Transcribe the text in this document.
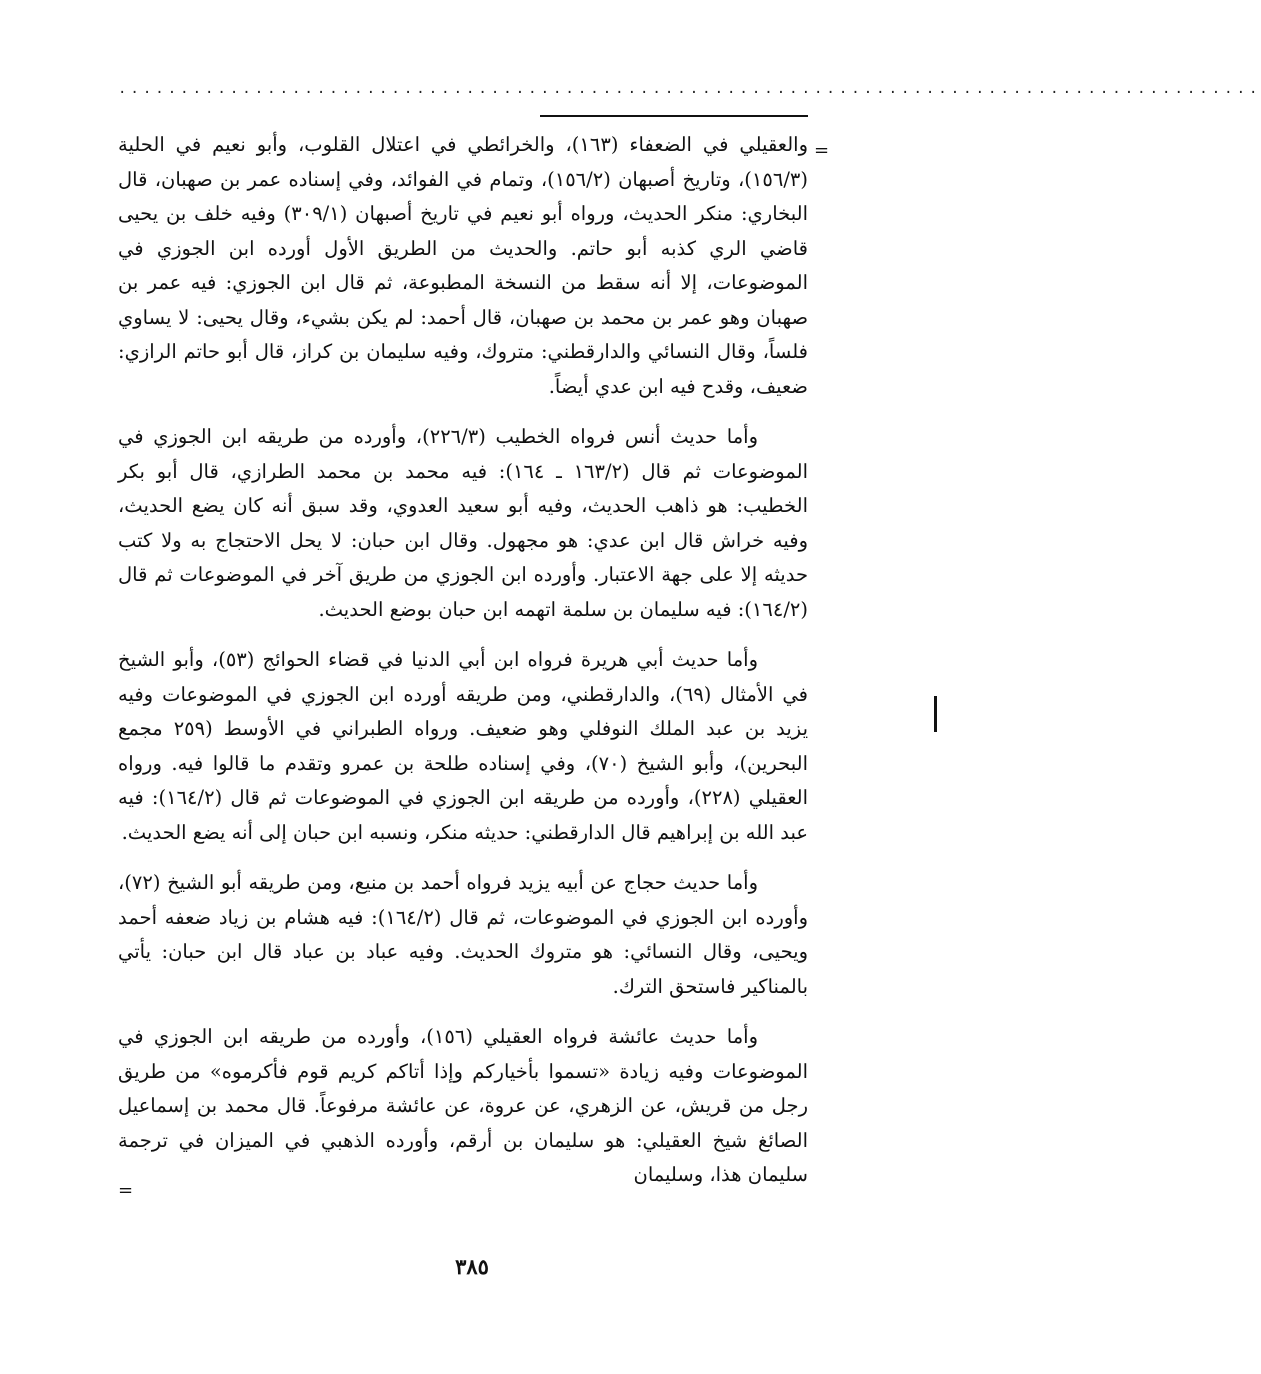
............................................................................................
=

والعقيلي في الضعفاء (١٦٣)، والخرائطي في اعتلال القلوب، وأبو نعيم في الحلية (١٥٦/٣)، وتاريخ أصبهان (١٥٦/٢)، وتمام في الفوائد، وفي إسناده عمر بن صهبان، قال البخاري: منكر الحديث، ورواه أبو نعيم في تاريخ أصبهان (٣٠٩/١) وفيه خلف بن يحيى قاضي الري كذبه أبو حاتم. والحديث من الطريق الأول أورده ابن الجوزي في الموضوعات، إلا أنه سقط من النسخة المطبوعة، ثم قال ابن الجوزي: فيه عمر بن صهبان وهو عمر بن محمد بن صهبان، قال أحمد: لم يكن بشيء، وقال يحيى: لا يساوي فلساً، وقال النسائي والدارقطني: متروك، وفيه سليمان بن كراز، قال أبو حاتم الرازي: ضعيف، وقدح فيه ابن عدي أيضاً.

وأما حديث أنس فرواه الخطيب (٢٢٦/٣)، وأورده من طريقه ابن الجوزي في الموضوعات ثم قال (١٦٣/٢ ـ ١٦٤): فيه محمد بن محمد الطرازي، قال أبو بكر الخطيب: هو ذاهب الحديث، وفيه أبو سعيد العدوي، وقد سبق أنه كان يضع الحديث، وفيه خراش قال ابن عدي: هو مجهول. وقال ابن حبان: لا يحل الاحتجاج به ولا كتب حديثه إلا على جهة الاعتبار. وأورده ابن الجوزي من طريق آخر في الموضوعات ثم قال (١٦٤/٢): فيه سليمان بن سلمة اتهمه ابن حبان بوضع الحديث.

وأما حديث أبي هريرة فرواه ابن أبي الدنيا في قضاء الحوائج (٥٣)، وأبو الشيخ في الأمثال (٦٩)، والدارقطني، ومن طريقه أورده ابن الجوزي في الموضوعات وفيه يزيد بن عبد الملك النوفلي وهو ضعيف. ورواه الطبراني في الأوسط (٢٥٩ مجمع البحرين)، وأبو الشيخ (٧٠)، وفي إسناده طلحة بن عمرو وتقدم ما قالوا فيه. ورواه العقيلي (٢٢٨)، وأورده من طريقه ابن الجوزي في الموضوعات ثم قال (١٦٤/٢): فيه عبد الله بن إبراهيم قال الدارقطني: حديثه منكر، ونسبه ابن حبان إلى أنه يضع الحديث.

وأما حديث حجاج عن أبيه يزيد فرواه أحمد بن منيع، ومن طريقه أبو الشيخ (٧٢)، وأورده ابن الجوزي في الموضوعات، ثم قال (١٦٤/٢): فيه هشام بن زياد ضعفه أحمد ويحيى، وقال النسائي: هو متروك الحديث. وفيه عباد بن عباد قال ابن حبان: يأتي بالمناكير فاستحق الترك.

وأما حديث عائشة فرواه العقيلي (١٥٦)، وأورده من طريقه ابن الجوزي في الموضوعات وفيه زيادة «تسموا بأخياركم وإذا أتاكم كريم قوم فأكرموه» من طريق رجل من قريش، عن الزهري، عن عروة، عن عائشة مرفوعاً. قال محمد بن إسماعيل الصائغ شيخ العقيلي: هو سليمان بن أرقم، وأورده الذهبي في الميزان في ترجمة سليمان هذا، وسليمان

=
٣٨٥
